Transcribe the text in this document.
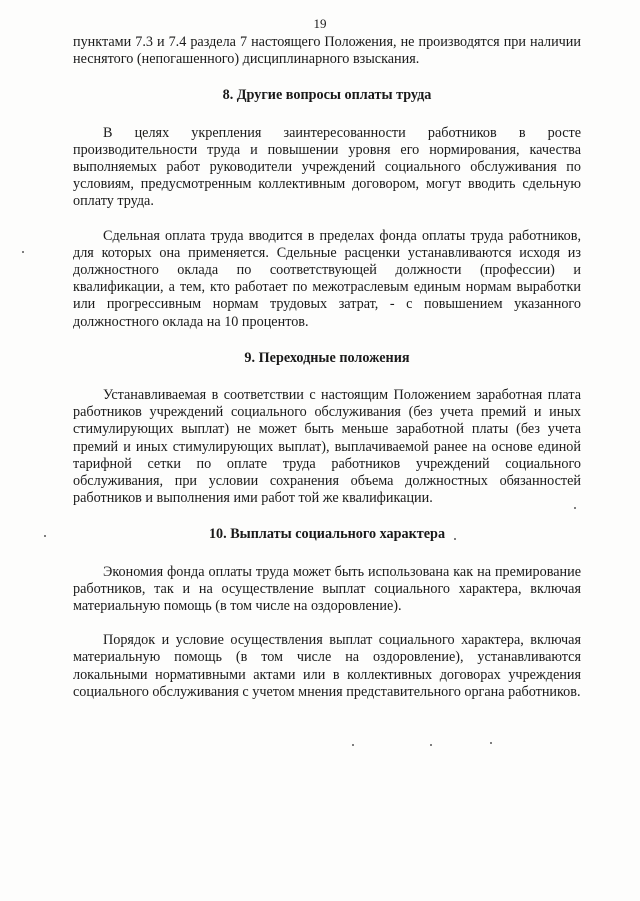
19

пунктами 7.3 и 7.4 раздела 7 настоящего Положения, не производятся при наличии неснятого (непогашенного) дисциплинарного взыскания.

8. Другие вопросы оплаты труда

В целях укрепления заинтересованности работников в росте производительности труда и повышении уровня его нормирования, качества выполняемых работ руководители учреждений социального обслуживания по условиям, предусмотренным коллективным договором, могут вводить сдельную оплату труда.

Сдельная оплата труда вводится в пределах фонда оплаты труда работников, для которых она применяется. Сдельные расценки устанавливаются исходя из должностного оклада по соответствующей должности (профессии) и квалификации, а тем, кто работает по межотраслевым единым нормам выработки или прогрессивным нормам трудовых затрат, - с повышением указанного должностного оклада на 10 процентов.

9. Переходные положения

Устанавливаемая в соответствии с настоящим Положением заработная плата работников учреждений социального обслуживания (без учета премий и иных стимулирующих выплат) не может быть меньше заработной платы (без учета премий и иных стимулирующих выплат), выплачиваемой ранее на основе единой тарифной сетки по оплате труда работников учреждений социального обслуживания, при условии сохранения объема должностных обязанностей работников и выполнения ими работ той же квалификации.

10. Выплаты социального характера

Экономия фонда оплаты труда может быть использована как на премирование работников, так и на осуществление выплат социального характера, включая материальную помощь (в том числе на оздоровление).

Порядок и условие осуществления выплат социального характера, включая материальную помощь (в том числе на оздоровление), устанавливаются локальными нормативными актами или в коллективных договорах учреждения социального обслуживания с учетом мнения представительного органа работников.
